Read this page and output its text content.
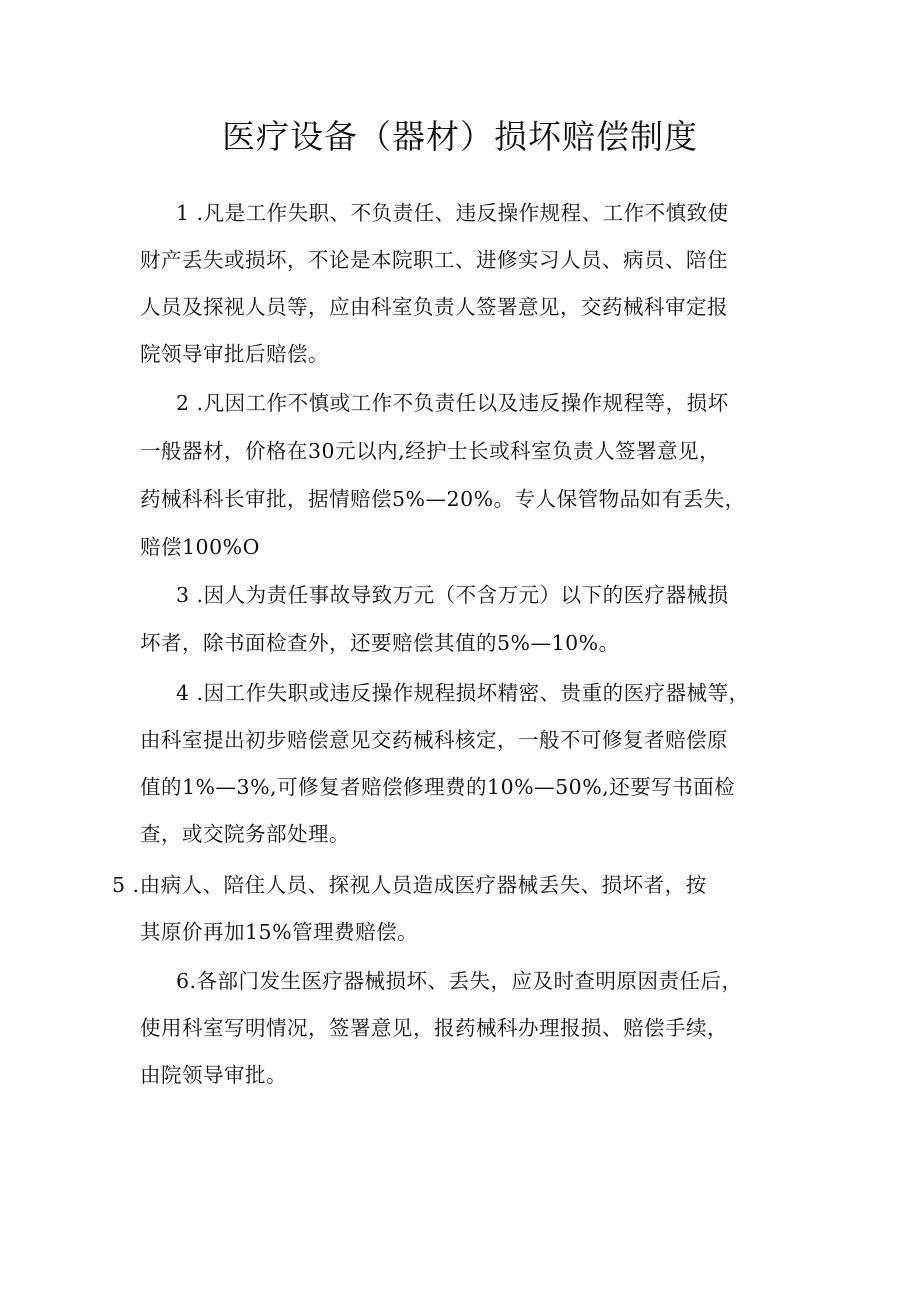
医疗设备（器材）损坏赔偿制度
1 .凡是工作失职、不负责任、违反操作规程、工作不慎致使
财产丢失或损坏，不论是本院职工、进修实习人员、病员、陪住
人员及探视人员等，应由科室负责人签署意见，交药械科审定报
院领导审批后赔偿。
2 .凡因工作不慎或工作不负责任以及违反操作规程等，损坏
一般器材，价格在30元以内,经护士长或科室负责人签署意见，
药械科科长审批，据情赔偿5%—20%。专人保管物品如有丢失，
赔偿100%O
3 .因人为责任事故导致万元（不含万元）以下的医疗器械损
坏者，除书面检查外，还要赔偿其值的5%—10%。
4 .因工作失职或违反操作规程损坏精密、贵重的医疗器械等，
由科室提出初步赔偿意见交药械科核定，一般不可修复者赔偿原
值的1%—3%,可修复者赔偿修理费的10%—50%,还要写书面检
查，或交院务部处理。
5 .由病人、陪住人员、探视人员造成医疗器械丢失、损坏者，按
其原价再加15%管理费赔偿。
6.各部门发生医疗器械损坏、丢失，应及时查明原因责任后，
使用科室写明情况，签署意见，报药械科办理报损、赔偿手续，
由院领导审批。
